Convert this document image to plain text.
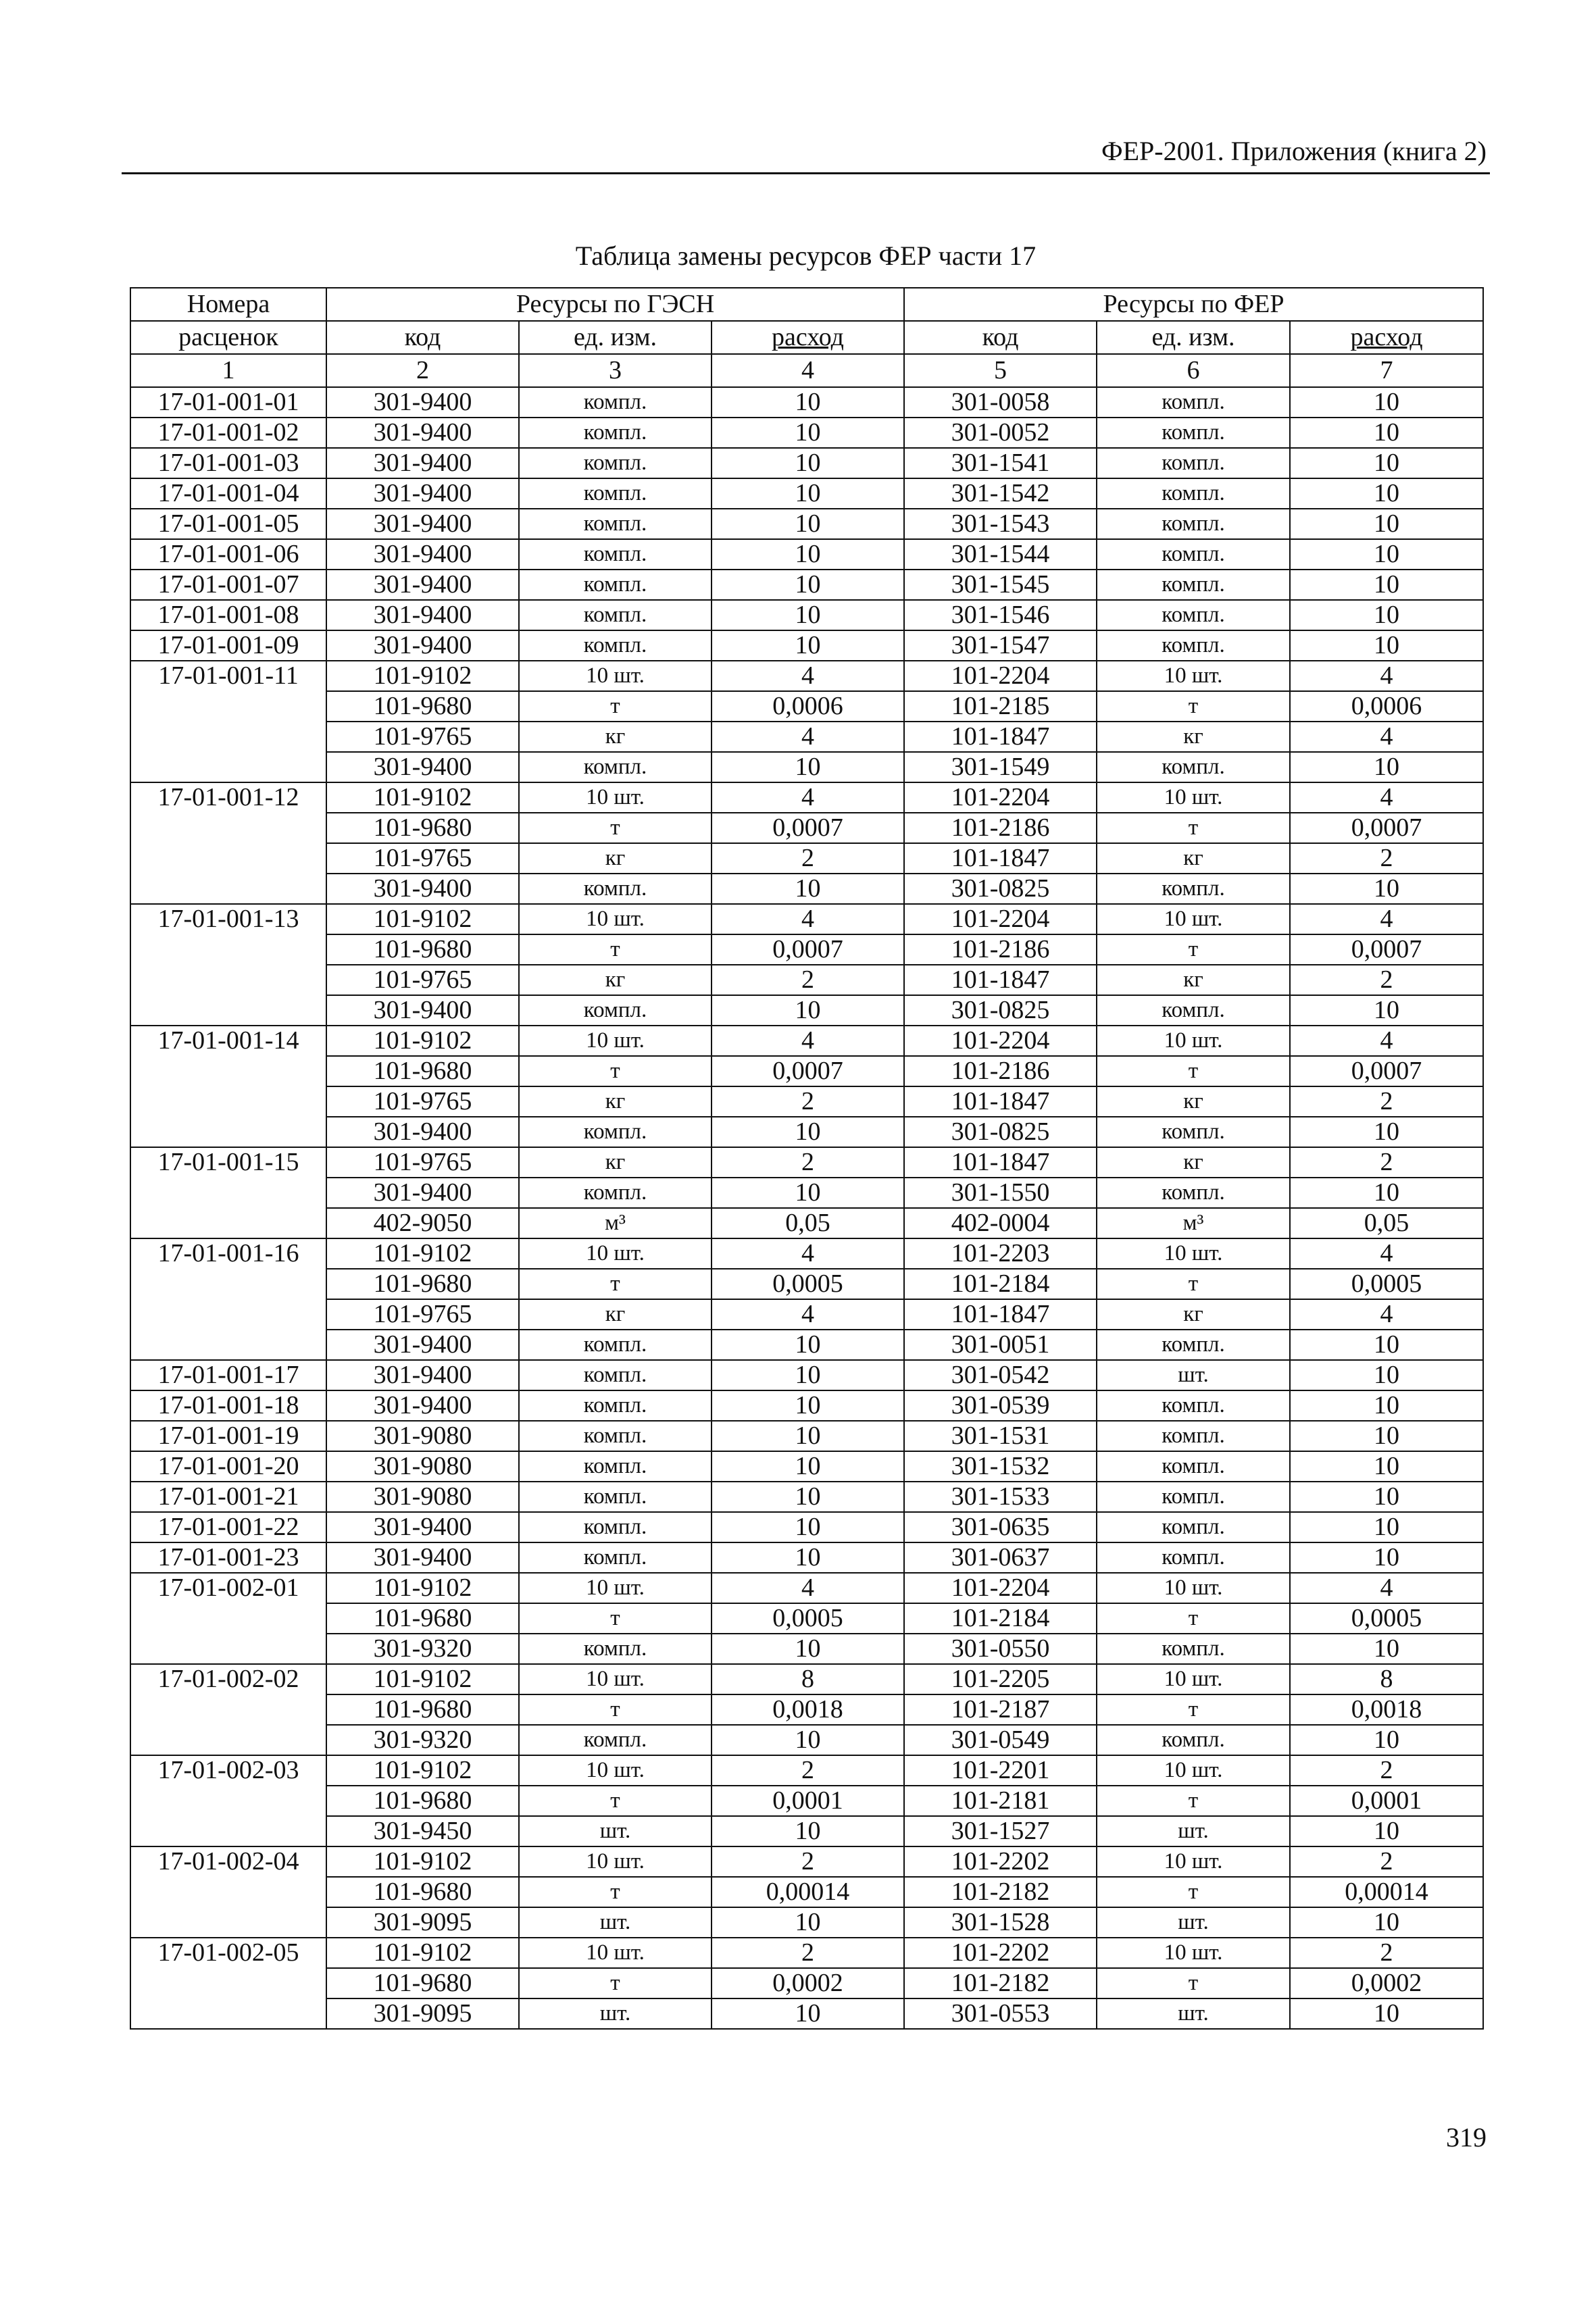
ФЕР-2001. Приложения (книга 2)
Таблица замены ресурсов ФЕР части 17
Номера	Ресурсы по ГЭСН			Ресурсы по ФЕР		
расценок	код	ед. изм.	расход	код	ед. изм.	расход
1	2	3	4	5	6	7
17-01-001-01	301-9400	компл.	10	301-0058	компл.	10
17-01-001-02	301-9400	компл.	10	301-0052	компл.	10
17-01-001-03	301-9400	компл.	10	301-1541	компл.	10
17-01-001-04	301-9400	компл.	10	301-1542	компл.	10
17-01-001-05	301-9400	компл.	10	301-1543	компл.	10
17-01-001-06	301-9400	компл.	10	301-1544	компл.	10
17-01-001-07	301-9400	компл.	10	301-1545	компл.	10
17-01-001-08	301-9400	компл.	10	301-1546	компл.	10
17-01-001-09	301-9400	компл.	10	301-1547	компл.	10
17-01-001-11	101-9102	10 шт.	4	101-2204	10 шт.	4
	101-9680	т	0,0006	101-2185	т	0,0006
	101-9765	кг	4	101-1847	кг	4
	301-9400	компл.	10	301-1549	компл.	10
17-01-001-12	101-9102	10 шт.	4	101-2204	10 шт.	4
	101-9680	т	0,0007	101-2186	т	0,0007
	101-9765	кг	2	101-1847	кг	2
	301-9400	компл.	10	301-0825	компл.	10
17-01-001-13	101-9102	10 шт.	4	101-2204	10 шт.	4
	101-9680	т	0,0007	101-2186	т	0,0007
	101-9765	кг	2	101-1847	кг	2
	301-9400	компл.	10	301-0825	компл.	10
17-01-001-14	101-9102	10 шт.	4	101-2204	10 шт.	4
	101-9680	т	0,0007	101-2186	т	0,0007
	101-9765	кг	2	101-1847	кг	2
	301-9400	компл.	10	301-0825	компл.	10
17-01-001-15	101-9765	кг	2	101-1847	кг	2
	301-9400	компл.	10	301-1550	компл.	10
	402-9050	м³	0,05	402-0004	м³	0,05
17-01-001-16	101-9102	10 шт.	4	101-2203	10 шт.	4
	101-9680	т	0,0005	101-2184	т	0,0005
	101-9765	кг	4	101-1847	кг	4
	301-9400	компл.	10	301-0051	компл.	10
17-01-001-17	301-9400	компл.	10	301-0542	шт.	10
17-01-001-18	301-9400	компл.	10	301-0539	компл.	10
17-01-001-19	301-9080	компл.	10	301-1531	компл.	10
17-01-001-20	301-9080	компл.	10	301-1532	компл.	10
17-01-001-21	301-9080	компл.	10	301-1533	компл.	10
17-01-001-22	301-9400	компл.	10	301-0635	компл.	10
17-01-001-23	301-9400	компл.	10	301-0637	компл.	10
17-01-002-01	101-9102	10 шт.	4	101-2204	10 шт.	4
	101-9680	т	0,0005	101-2184	т	0,0005
	301-9320	компл.	10	301-0550	компл.	10
17-01-002-02	101-9102	10 шт.	8	101-2205	10 шт.	8
	101-9680	т	0,0018	101-2187	т	0,0018
	301-9320	компл.	10	301-0549	компл.	10
17-01-002-03	101-9102	10 шт.	2	101-2201	10 шт.	2
	101-9680	т	0,0001	101-2181	т	0,0001
	301-9450	шт.	10	301-1527	шт.	10
17-01-002-04	101-9102	10 шт.	2	101-2202	10 шт.	2
	101-9680	т	0,00014	101-2182	т	0,00014
	301-9095	шт.	10	301-1528	шт.	10
17-01-002-05	101-9102	10 шт.	2	101-2202	10 шт.	2
	101-9680	т	0,0002	101-2182	т	0,0002
	301-9095	шт.	10	301-0553	шт.	10
319
